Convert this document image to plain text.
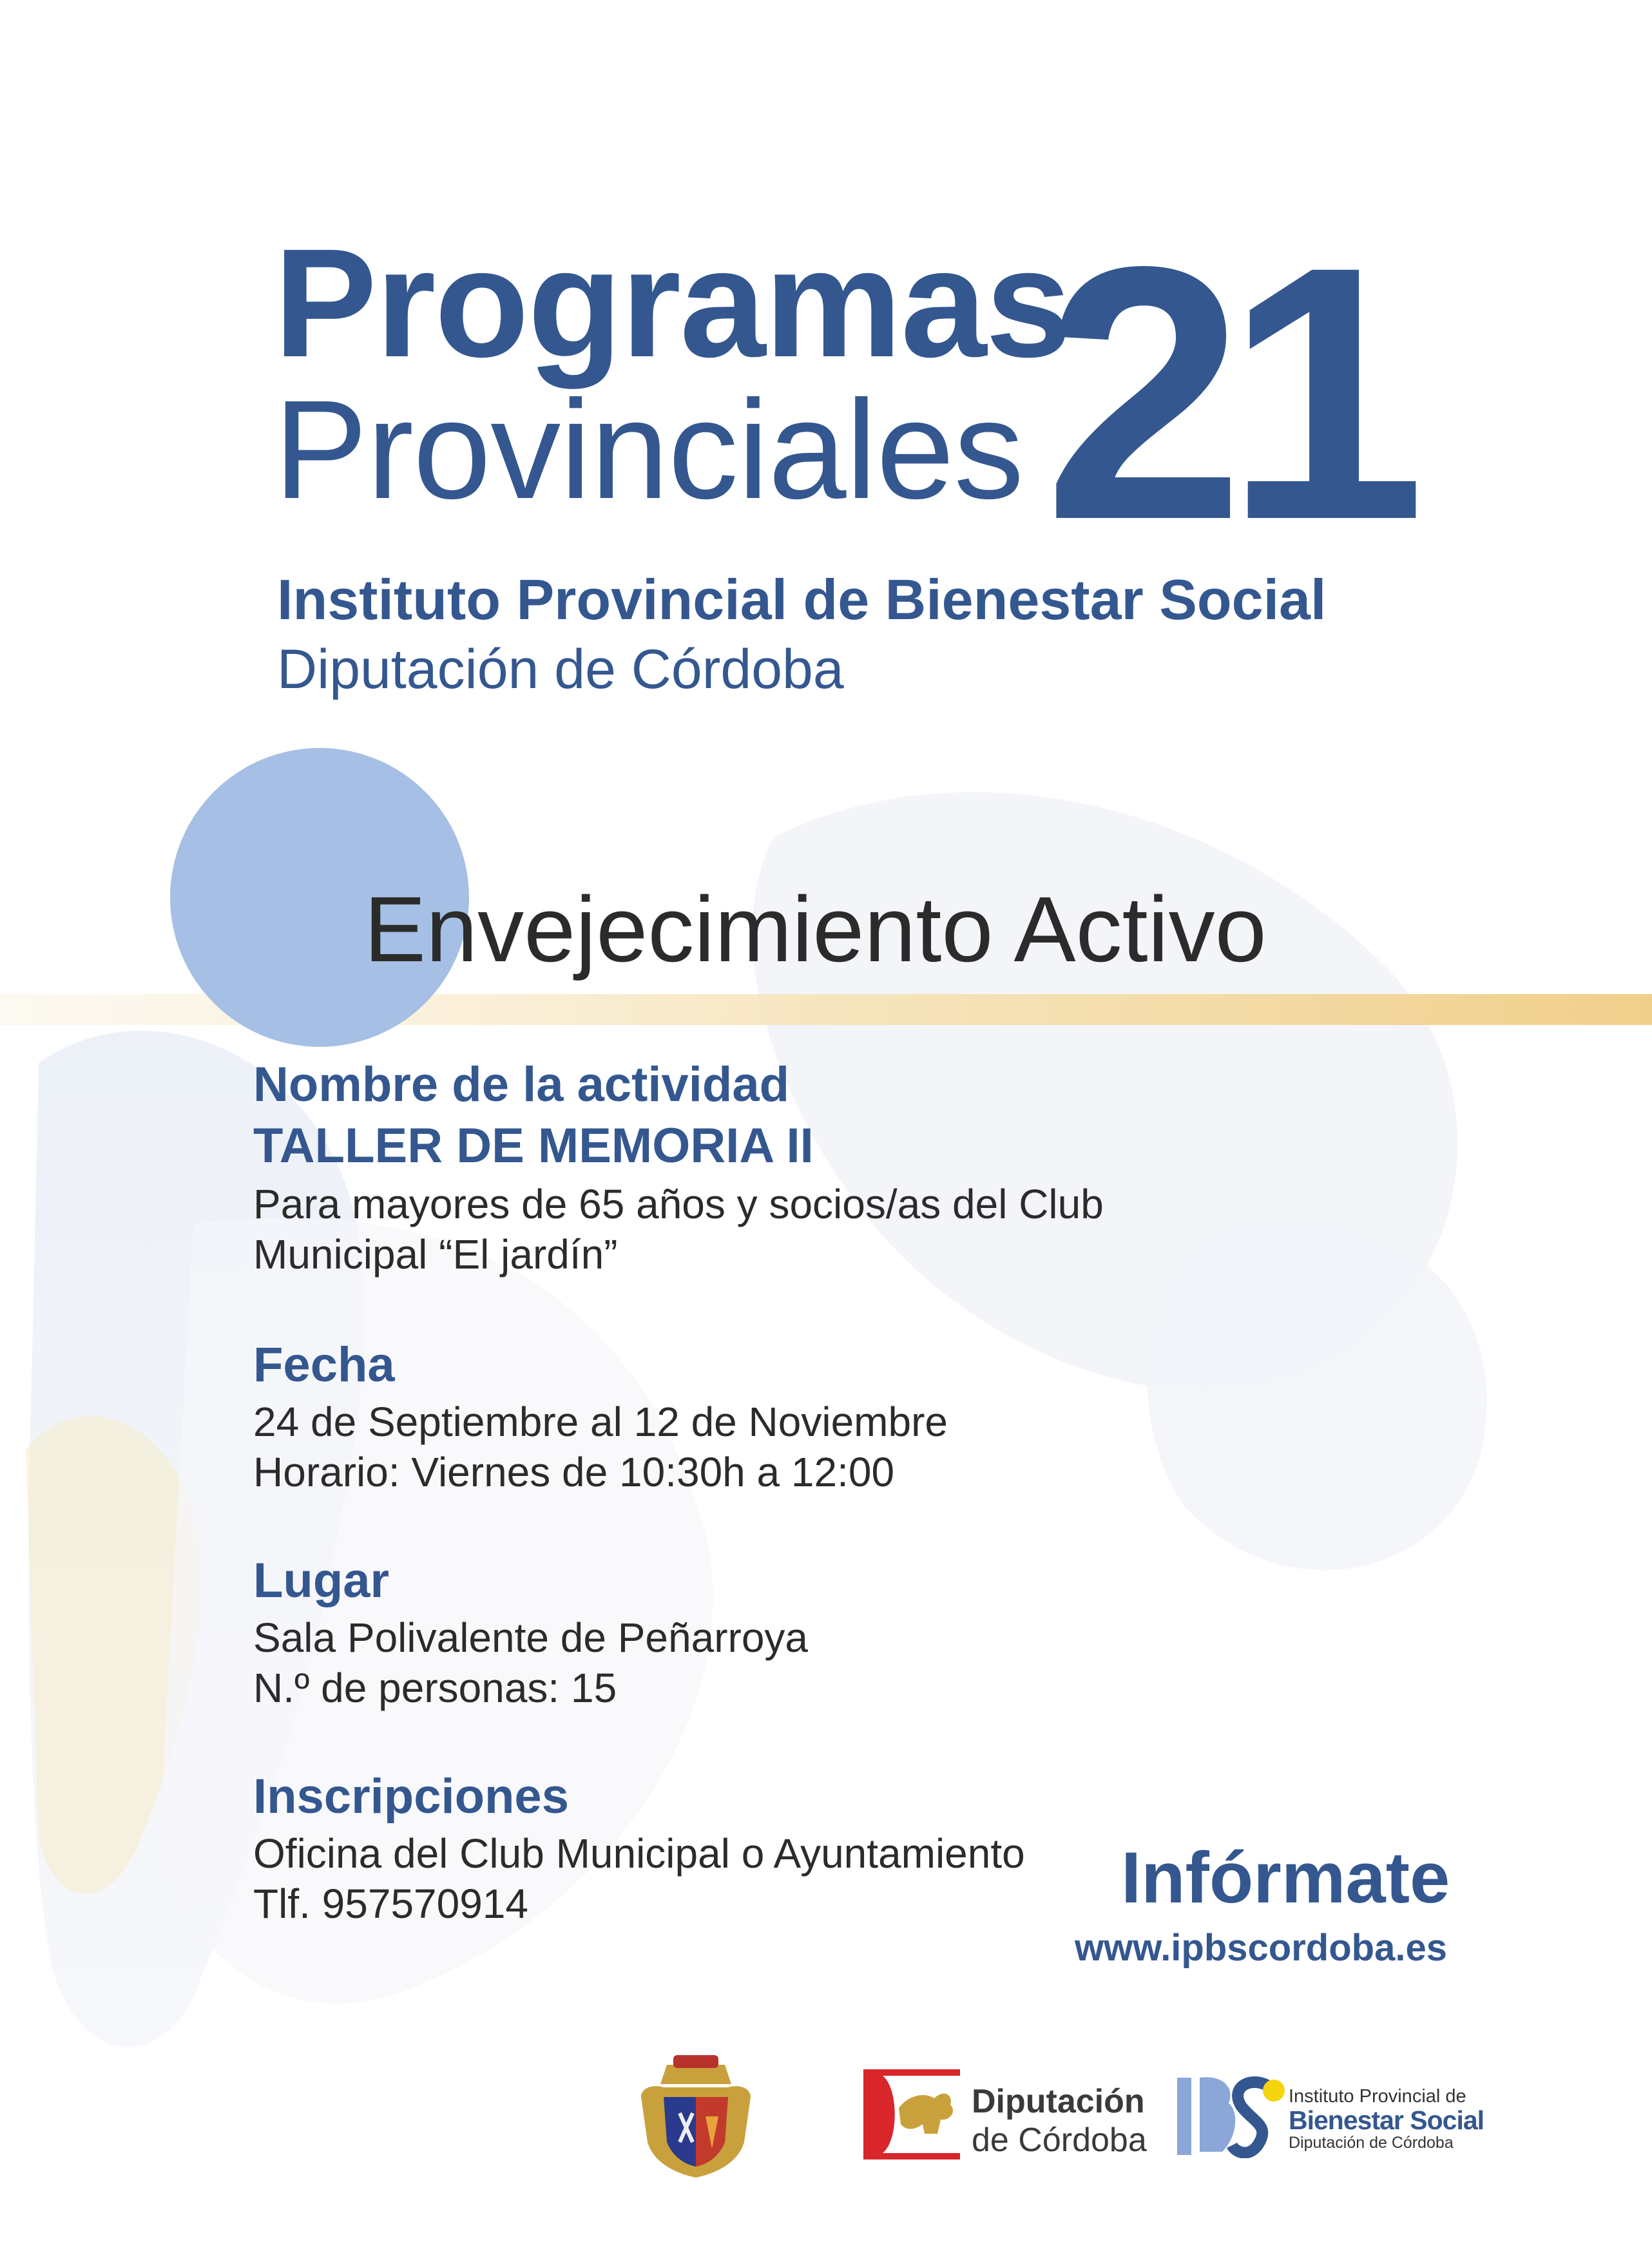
Programas
Provinciales 21
Instituto Provincial de Bienestar Social
Diputación de Córdoba
Envejecimiento Activo
Nombre de la actividad
TALLER DE MEMORIA II
Para mayores de 65 años y socios/as del Club
Municipal “El jardín”
Fecha
24 de Septiembre al 12 de Noviembre
Horario: Viernes de 10:30h a 12:00
Lugar
Sala Polivalente de Peñarroya
N.º de personas: 15
Inscripciones
Oficina del Club Municipal o Ayuntamiento
Tlf. 957570914	Infórmate
www.ipbscordoba.es
Diputación
de Córdoba
Instituto Provincial de
Bienestar Social
Diputación de Córdoba
